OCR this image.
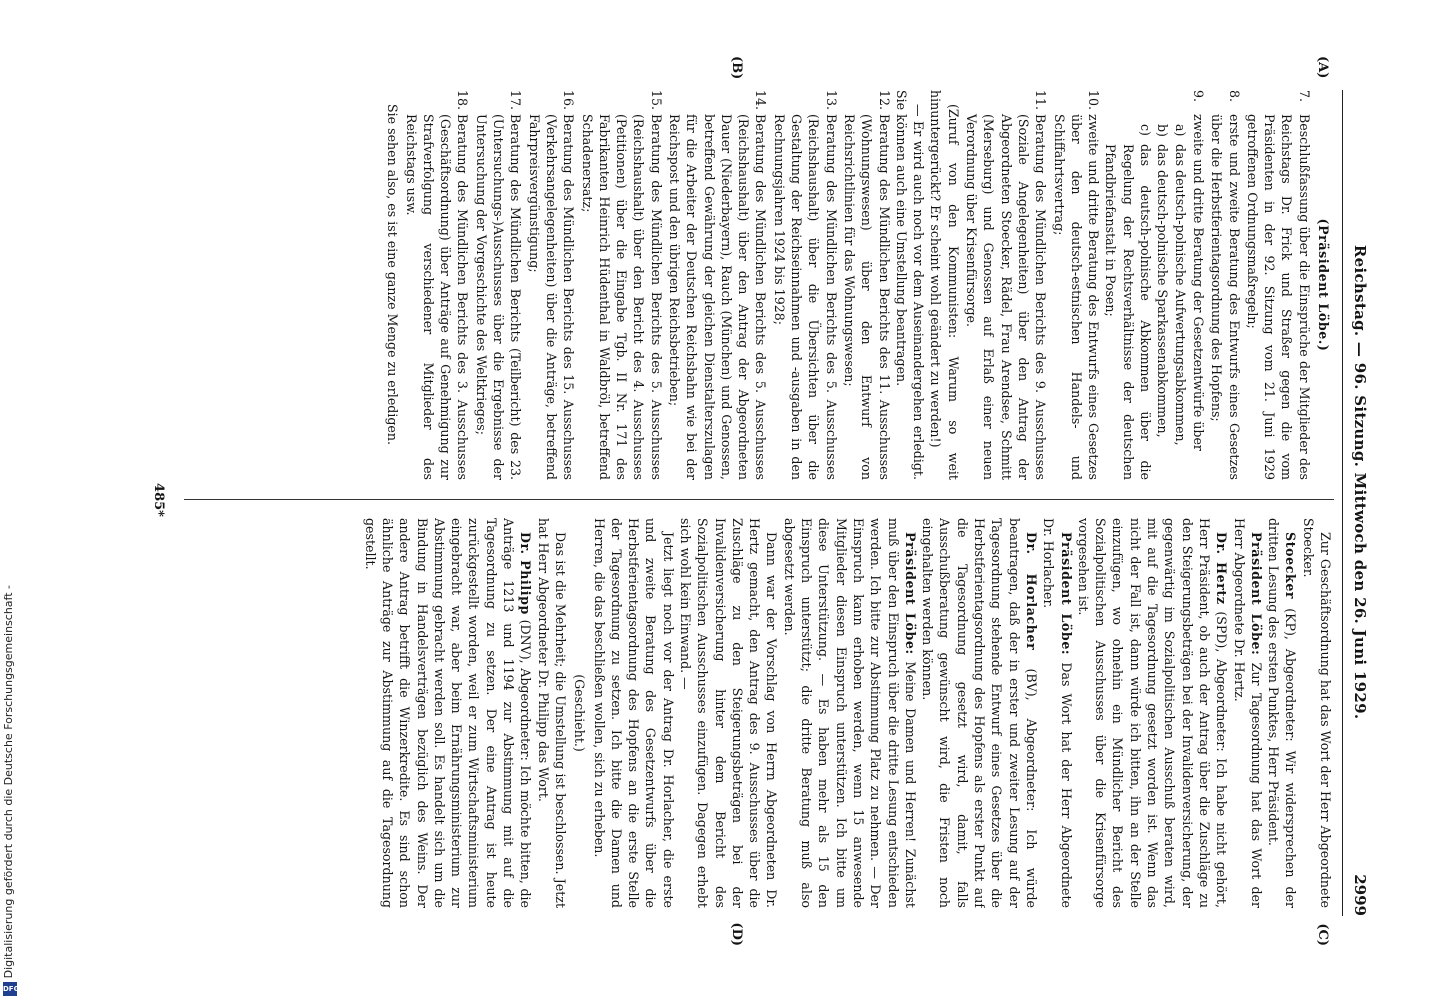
Digitalisierung gefördert durch die Deutsche Forschungsgemeinschaft -
DFG
Reichstag. — 96. Sitzung. Mittwoch den 26. Juni 1929.
2999
(A)
(B)
(C)
(D)
(Präsident Löbe.)
7.
Beschlußfassung über die Einsprüche der Mitglieder des Reichstags Dr. Frick und Straßer gegen die vom Präsidenten in der 92. Sitzung vom 21. Juni 1929 getroffenen Ordnungsmaßregeln;
8.
erste und zweite Beratung des Entwurfs eines Gesetzes über die Herbstferientagsordnung des Hopfens;
9.
zweite und dritte Beratung der Gesetzentwürfe über
a)
das deutsch-polnische Aufwertungsabkommen,
b)
das deutsch-polnische Sparkassenabkommen,
c)
das deutsch-polnische Abkommen über die Regelung der Rechtsverhältnisse der deutschen Pfandbriefanstalt in Posen;
10.
zweite und dritte Beratung des Entwurfs eines Gesetzes über den deutsch-estnischen Handels- und Schiffahrtsvertrag;
11.
Beratung des Mündlichen Berichts des 9. Ausschusses (Soziale Angelegenheiten) über den Antrag der Abgeordneten Stoecker, Rädel, Frau Arendsee, Schmitt (Merseburg) und Genossen auf Erlaß einer neuen Verordnung über Krisenfürsorge.

(Zuruf von den Kommunisten: Warum so weit hinuntergerückt? Er scheint wohl geändert zu werden!)

— Er wird auch noch vor dem Auseinandergehen erledigt. Sie können auch eine Umstellung beantragen.

12.
Beratung des Mündlichen Berichts des 11. Ausschusses (Wohnungswesen) über den Entwurf von Reichsrichtlinien für das Wohnungswesen;
13.
Beratung des Mündlichen Berichts des 5. Ausschusses (Reichshaushalt) über die Übersichten über die Gestaltung der Reichseinnahmen und -ausgaben in den Rechnungsjahren 1924 bis 1928;
14.
Beratung des Mündlichen Berichts des 5. Ausschusses (Reichshaushalt) über den Antrag der Abgeordneten Dauer (Niederbayern), Rauch (München) und Genossen, betreffend Gewährung der gleichen Dienstalterszulagen für die Arbeiter der Deutschen Reichsbahn wie bei der Reichspost und den übrigen Reichsbetrieben;
15.
Beratung des Mündlichen Berichts des 5. Ausschusses (Reichshaushalt) über den Bericht des 4. Ausschusses (Petitionen) über die Eingabe Tgb. II Nr. 171 des Fabrikanten Heinrich Hüdenthal in Waldbröl, betreffend Schadenersatz;
16.
Beratung des Mündlichen Berichts des 15. Ausschusses (Verkehrsangelegenheiten) über die Anträge, betreffend Fahrpreisvergünstigung;
17.
Beratung des Mündlichen Berichts (Teilbericht) des 23. (Untersuchungs-)Ausschusses über die Ergebnisse der Untersuchung der Vorgeschichte des Weltkrieges;
18.
Beratung des Mündlichen Berichts des 3. Ausschusses (Geschäftsordnung) über Anträge auf Genehmigung zur Strafverfolgung verschiedener Mitglieder des Reichstags usw.

Sie sehen also, es ist eine ganze Menge zu erledigen.

Zur Geschäftsordnung hat das Wort der Herr Abgeordnete Stoecker.

Stoecker (KP), Abgeordneter: Wir widersprechen der dritten Lesung des ersten Punktes, Herr Präsident.

Präsident Löbe: Zur Tagesordnung hat das Wort der Herr Abgeordnete Dr. Hertz.

Dr. Hertz (SPD), Abgeordneter: Ich habe nicht gehört, Herr Präsident, ob auch der Antrag über die Zuschläge zu den Steigerungsbeträgen bei der Invalidenversicherung, der gegenwärtig im Sozialpolitischen Ausschuß beraten wird, mit auf die Tagesordnung gesetzt worden ist. Wenn das nicht der Fall ist, dann würde ich bitten, ihn an der Stelle einzufügen, wo ohnehin ein Mündlicher Bericht des Sozialpolitischen Ausschusses über die Krisenfürsorge vorgesehen ist.

Präsident Löbe: Das Wort hat der Herr Abgeordnete Dr. Horlacher.

Dr. Horlacher (BV), Abgeordneter: Ich würde beantragen, daß der in erster und zweiter Lesung auf der Tagesordnung stehende Entwurf eines Gesetzes über die Herbstferientagsordnung des Hopfens als erster Punkt auf die Tagesordnung gesetzt wird, damit, falls Ausschußberatung gewünscht wird, die Fristen noch eingehalten werden können.

Präsident Löbe: Meine Damen und Herren! Zunächst muß über den Einspruch über die dritte Lesung entschieden werden. Ich bitte zur Abstimmung Platz zu nehmen. — Der Einspruch kann erhoben werden, wenn 15 anwesende Mitglieder diesen Einspruch unterstützen. Ich bitte um diese Unterstützung. — Es haben mehr als 15 den Einspruch unterstützt; die dritte Beratung muß also abgesetzt werden.

Dann war der Vorschlag von Herrn Abgeordneten Dr. Hertz gemacht, den Antrag des 9. Ausschusses über die Zuschläge zu den Steigerungsbeträgen bei der Invalidenversicherung hinter dem Bericht des Sozialpolitischen Ausschusses einzufügen. Dagegen erhebt sich wohl kein Einwand. —

Jetzt liegt noch vor der Antrag Dr. Horlacher, die erste und zweite Beratung des Gesetzentwurfs über die Herbstferientagsordnung des Hopfens an die erste Stelle der Tagesordnung zu setzen. Ich bitte die Damen und Herren, die das beschließen wollen, sich zu erheben.

(Geschieht.)

Das ist die Mehrheit; die Umstellung ist beschlossen. Jetzt hat Herr Abgeordneter Dr. Philipp das Wort.

Dr. Philipp (DNV), Abgeordneter: Ich möchte bitten, die Anträge 1213 und 1194 zur Abstimmung mit auf die Tagesordnung zu setzen. Der eine Antrag ist heute zurückgestellt worden, weil er zum Wirtschaftsministerium eingebracht war, aber beim Ernährungsministerium zur Abstimmung gebracht werden soll. Es handelt sich um die Bindung in Handelsverträgen bezüglich des Weins. Der andere Antrag betrifft die Winzerkredite. Es sind schon ähnliche Anträge zur Abstimmung auf die Tagesordnung gestellt.

485*
